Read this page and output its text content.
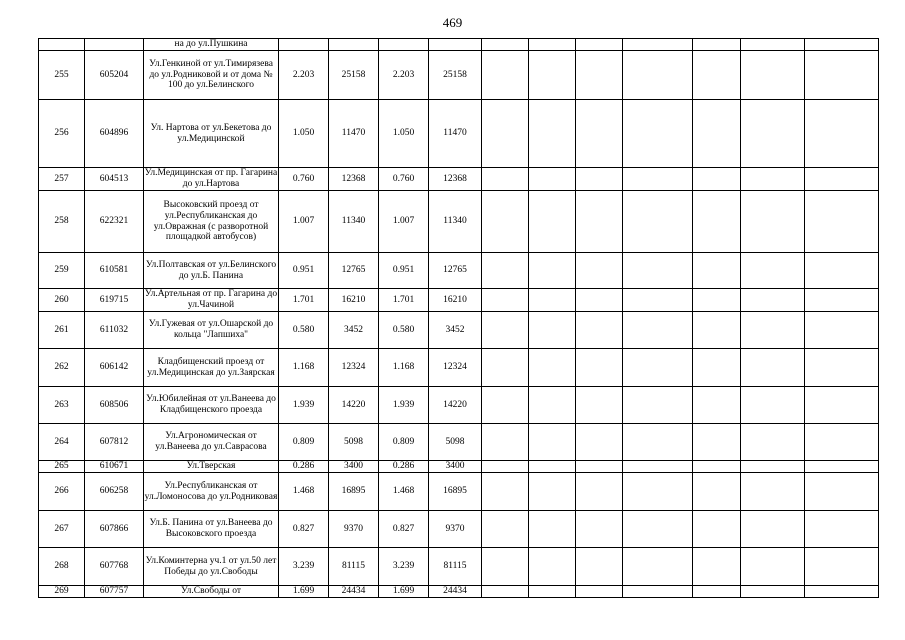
469
		на до ул.Пушкина											
255	605204	Ул.Генкиной от ул.Тимирязева до ул.Родниковой и от дома № 100 до ул.Белинского	2.203	25158	2.203	25158							
256	604896	Ул. Нартова от ул.Бекетова до ул.Медицинской	1.050	11470	1.050	11470							
257	604513	Ул.Медицинская от пр. Гагарина до ул.Нартова	0.760	12368	0.760	12368							
258	622321	Высоковский проезд от ул.Республиканская до ул.Овражная (с разворотной площадкой автобусов)	1.007	11340	1.007	11340							
259	610581	Ул.Полтавская от ул.Белинского до ул.Б. Панина	0.951	12765	0.951	12765							
260	619715	Ул.Артельная от пр. Гагарина до ул.Чачиной	1.701	16210	1.701	16210							
261	611032	Ул.Гужевая от ул.Ошарской до кольца "Лапшиха"	0.580	3452	0.580	3452							
262	606142	Кладбищенский проезд от ул.Медицинская до ул.Заярская	1.168	12324	1.168	12324							
263	608506	Ул.Юбилейная от ул.Ванеева до Кладбищенского проезда	1.939	14220	1.939	14220							
264	607812	Ул.Агрономическая от ул.Ванеева до ул.Саврасова	0.809	5098	0.809	5098							
265	610671	Ул.Тверская	0.286	3400	0.286	3400							
266	606258	Ул.Республиканская от ул.Ломоносова до ул.Родниковая	1.468	16895	1.468	16895							
267	607866	Ул.Б. Панина от ул.Ванеева до Высоковского проезда	0.827	9370	0.827	9370							
268	607768	Ул.Коминтерна уч.1 от ул.50 лет Победы до ул.Свободы	3.239	81115	3.239	81115							
269	607757	Ул.Свободы от	1.699	24434	1.699	24434							
